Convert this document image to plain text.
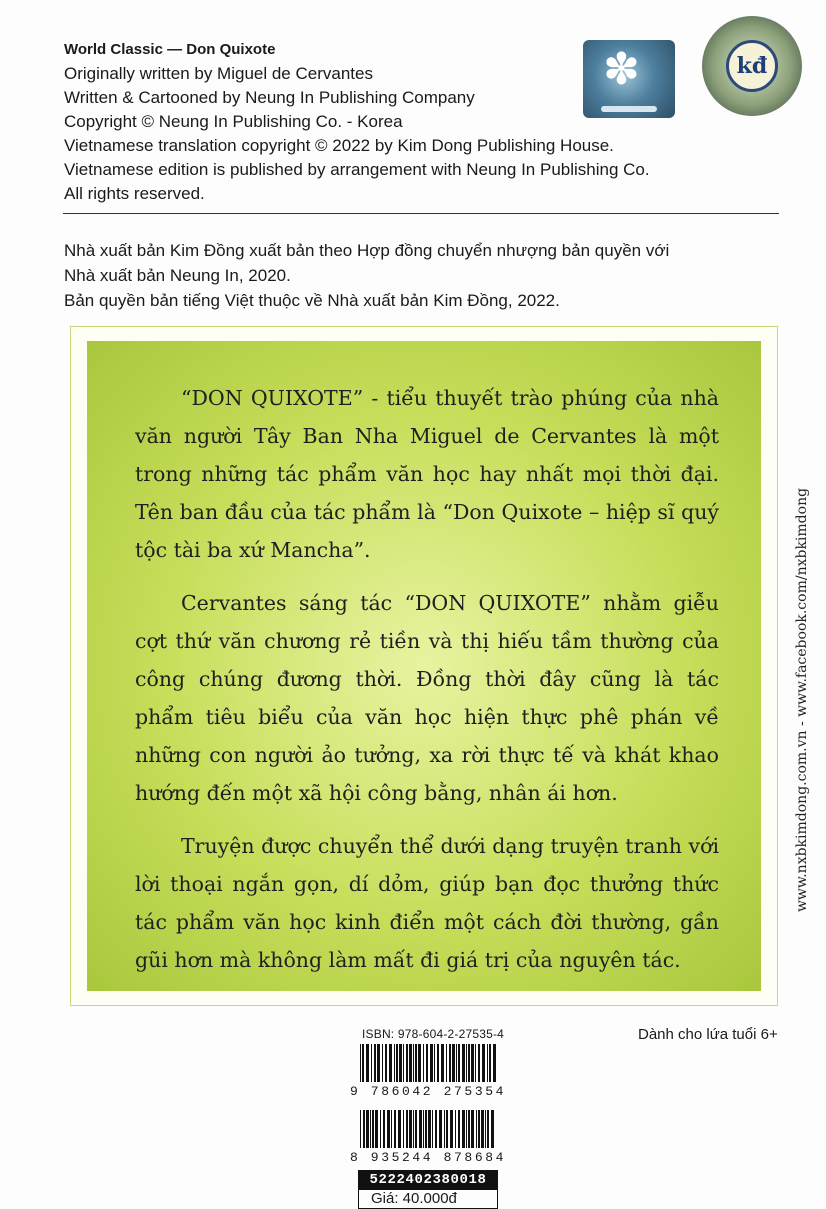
World Classic — Don Quixote
Originally written by Miguel de Cervantes
Written & Cartooned by Neung In Publishing Company
Copyright © Neung In Publishing Co. - Korea
Vietnamese translation copyright © 2022 by Kim Dong Publishing House.
Vietnamese edition is published by arrangement with Neung In Publishing Co.
All rights reserved.
✽	kđ
Nhà xuất bản Kim Đồng xuất bản theo Hợp đồng chuyển nhượng bản quyền với
Nhà xuất bản Neung In, 2020.
Bản quyền bản tiếng Việt thuộc về Nhà xuất bản Kim Đồng, 2022.

“DON QUIXOTE” - tiểu thuyết trào phúng của nhà văn người Tây Ban Nha Miguel de Cervantes là một trong những tác phẩm văn học hay nhất mọi thời đại. Tên ban đầu của tác phẩm là “Don Quixote – hiệp sĩ quý tộc tài ba xứ Mancha”.

Cervantes sáng tác “DON QUIXOTE” nhằm giễu cợt thứ văn chương rẻ tiền và thị hiếu tầm thường của công chúng đương thời. Đồng thời đây cũng là tác phẩm tiêu biểu của văn học hiện thực phê phán về những con người ảo tưởng, xa rời thực tế và khát khao hướng đến một xã hội công bằng, nhân ái hơn.

Truyện được chuyển thể dưới dạng truyện tranh với lời thoại ngắn gọn, dí dỏm, giúp bạn đọc thưởng thức tác phẩm văn học kinh điển một cách đời thường, gần gũi hơn mà không làm mất đi giá trị của nguyên tác.

www.nxbkimdong.com.vn - www.facebook.com/nxbkimdong
ISBN: 978-604-2-27535-4	Dành cho lứa tuổi 6+
9 786042 275354
8 935244 878684
5222402380018
Giá: 40.000đ
